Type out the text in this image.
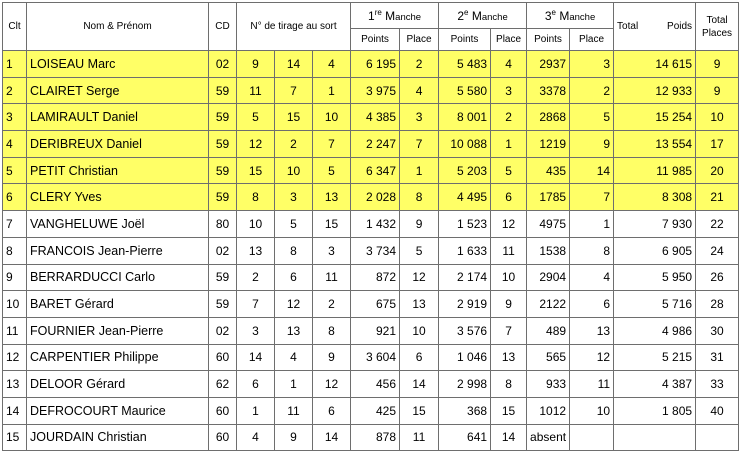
Clt	Nom & Prénom	CD	N° de tirage au sort			1re Manche		2e Manche		3e Manche		Total Poids	Total Places
						Points	Place	Points	Place	Points	Place		
1	LOISEAU Marc	02	9	14	4	6 195	2	5 483	4	2937	3	14 615	9
2	CLAIRET Serge	59	11	7	1	3 975	4	5 580	3	3378	2	12 933	9
3	LAMIRAULT Daniel	59	5	15	10	4 385	3	8 001	2	2868	5	15 254	10
4	DERIBREUX Daniel	59	12	2	7	2 247	7	10 088	1	1219	9	13 554	17
5	PETIT Christian	59	15	10	5	6 347	1	5 203	5	435	14	11 985	20
6	CLERY Yves	59	8	3	13	2 028	8	4 495	6	1785	7	8 308	21
7	VANGHELUWE Joël	80	10	5	15	1 432	9	1 523	12	4975	1	7 930	22
8	FRANCOIS Jean-Pierre	02	13	8	3	3 734	5	1 633	11	1538	8	6 905	24
9	BERRARDUCCI Carlo	59	2	6	11	872	12	2 174	10	2904	4	5 950	26
10	BARET Gérard	59	7	12	2	675	13	2 919	9	2122	6	5 716	28
11	FOURNIER Jean-Pierre	02	3	13	8	921	10	3 576	7	489	13	4 986	30
12	CARPENTIER Philippe	60	14	4	9	3 604	6	1 046	13	565	12	5 215	31
13	DELOOR Gérard	62	6	1	12	456	14	2 998	8	933	11	4 387	33
14	DEFROCOURT Maurice	60	1	11	6	425	15	368	15	1012	10	1 805	40
15	JOURDAIN Christian	60	4	9	14	878	11	641	14	absent			
